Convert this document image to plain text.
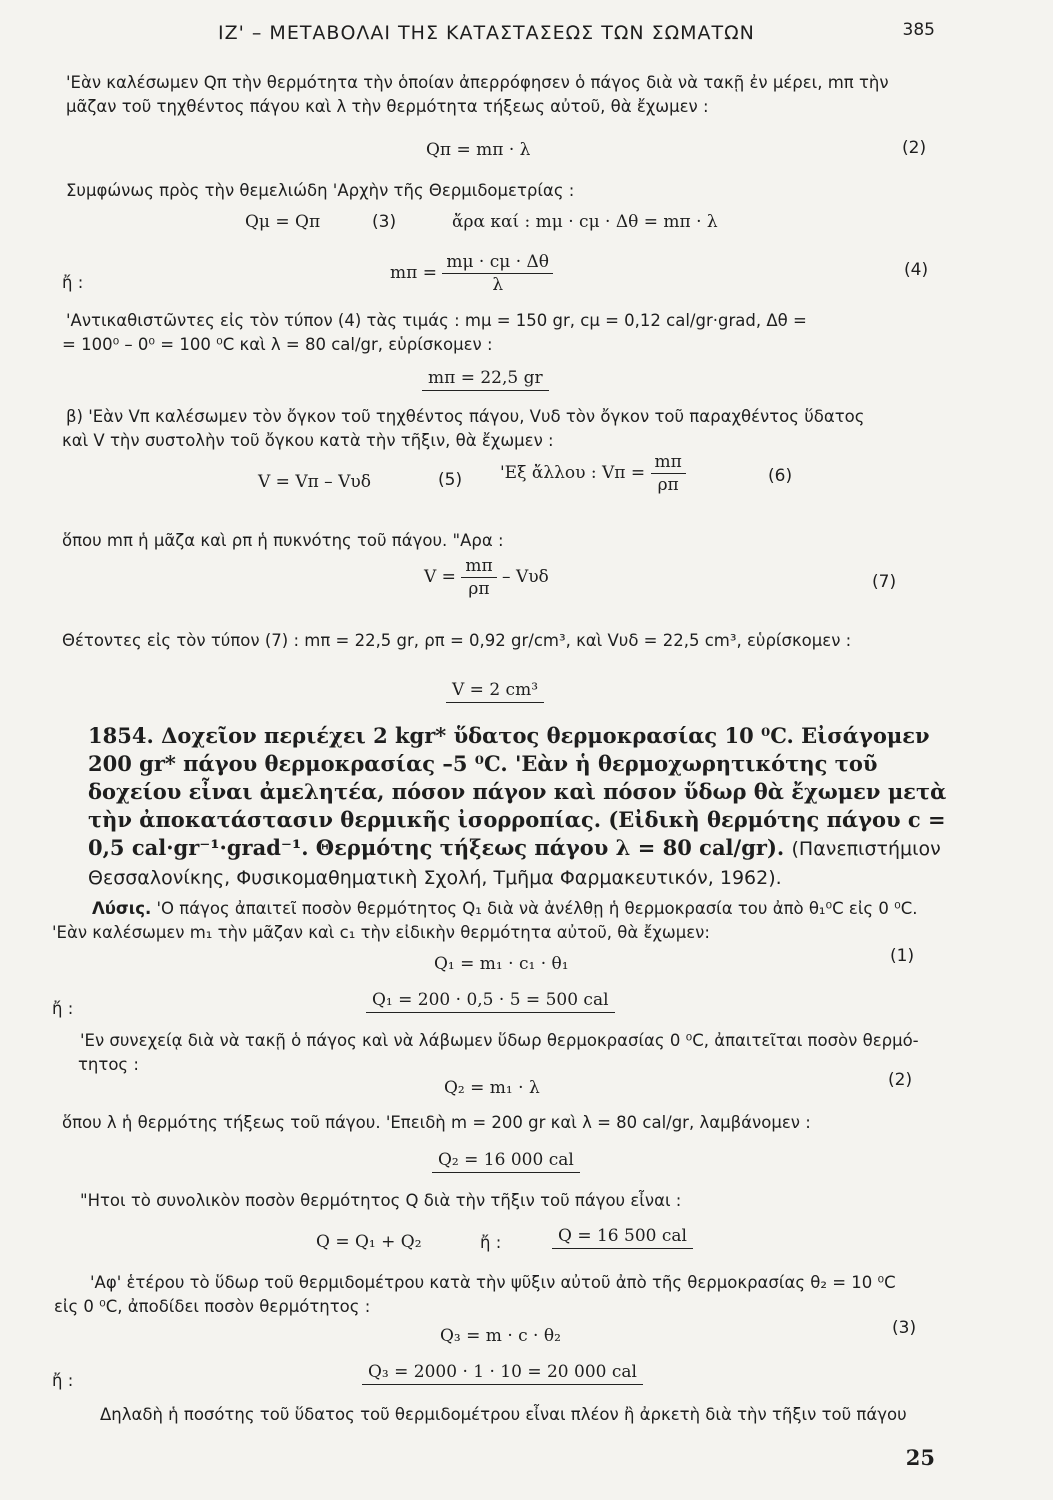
ΙΖ' – ΜΕΤΑΒΟΛΑΙ ΤΗΣ ΚΑΤΑΣΤΑΣΕΩΣ ΤΩΝ ΣΩΜΑΤΩΝ	385
'Εὰν καλέσωμεν Qπ τὴν θερμότητα τὴν ὁποίαν ἀπερρόφησεν ὁ πάγος διὰ νὰ τακῇ ἐν μέρει, mπ τὴν
μᾶζαν τοῦ τηχθέντος πάγου καὶ λ τὴν θερμότητα τήξεως αὐτοῦ, θὰ ἔχωμεν :
Qπ = mπ · λ	(2)
Συμφώνως πρὸς τὴν θεμελιώδη 'Αρχὴν τῆς Θερμιδομετρίας :
Qμ = Qπ	(3)	ἄρα καί : mμ · cμ · Δθ = mπ · λ
ἤ :	$m\pi = \frac{m\mu \cdot c\mu \cdot \Delta\theta}{\lambda}$	(4)
'Αντικαθιστῶντες εἰς τὸν τύπον (4) τὰς τιμάς : mμ = 150 gr, cμ = 0,12 cal/gr·grad, Δθ =
= 100⁰ – 0⁰ = 100 ⁰C καὶ λ = 80 cal/gr, εὑρίσκομεν :
mπ = 22,5 gr
β) 'Εὰν Vπ καλέσωμεν τὸν ὄγκον τοῦ τηχθέντος πάγου, Vυδ τὸν ὄγκον τοῦ παραχθέντος ὕδατος
καὶ V τὴν συστολὴν τοῦ ὄγκου κατὰ τὴν τῆξιν, θὰ ἔχωμεν :
V = Vπ – Vυδ	(5) 'Εξ ἄλλου : $V\pi = \frac{m\pi}{\rho\pi}$	(6)
ὅπου mπ ἡ μᾶζα καὶ ρπ ἡ πυκνότης τοῦ πάγου. "Αρα :
$V = \frac{m\pi}{\rho\pi} - V\upsilon\delta$	(7)
Θέτοντες εἰς τὸν τύπον (7) : mπ = 22,5 gr, ρπ = 0,92 gr/cm³, καὶ Vυδ = 22,5 cm³, εὑρίσκομεν :
V = 2 cm³
1854. Δοχεῖον περιέχει 2 kgr* ὕδατος θερμοκρασίας 10 ⁰C. Εἰσάγομεν 200 gr* πάγου θερμοκρασίας –5 ⁰C. 'Εὰν ἡ θερμοχωρητικότης τοῦ δοχείου εἶναι ἀμελητέα, πόσον πάγον καὶ πόσον ὕδωρ θὰ ἔχωμεν μετὰ τὴν ἀποκατάστασιν θερμικῆς ἰσορροπίας. (Εἰδικὴ θερμότης πάγου c = 0,5 cal·gr⁻¹·grad⁻¹. Θερμότης τήξεως πάγου λ = 80 cal/gr). (Πανεπιστήμιον Θεσσαλονίκης, Φυσικομαθηματικὴ Σχολή, Τμῆμα Φαρμακευτικόν, 1962).
Λύσις. 'Ο πάγος ἀπαιτεῖ ποσὸν θερμότητος Q₁ διὰ νὰ ἀνέλθῃ ἡ θερμοκρασία του ἀπὸ θ₁⁰C εἰς 0 ⁰C.
'Εὰν καλέσωμεν m₁ τὴν μᾶζαν καὶ c₁ τὴν εἰδικὴν θερμότητα αὐτοῦ, θὰ ἔχωμεν:
Q₁ = m₁ · c₁ · θ₁	(1)
ἤ :	Q₁ = 200 · 0,5 · 5 = 500 cal
'Εν συνεχείᾳ διὰ νὰ τακῇ ὁ πάγος καὶ νὰ λάβωμεν ὕδωρ θερμοκρασίας 0 ⁰C, ἀπαιτεῖται ποσὸν θερμό-
τητος :
Q₂ = m₁ · λ	(2)
ὅπου λ ἡ θερμότης τήξεως τοῦ πάγου. 'Επειδὴ m = 200 gr καὶ λ = 80 cal/gr, λαμβάνομεν :
Q₂ = 16 000 cal
"Ητοι τὸ συνολικὸν ποσὸν θερμότητος Q διὰ τὴν τῆξιν τοῦ πάγου εἶναι :
Q = Q₁ + Q₂	ἤ :	Q = 16 500 cal
'Αφ' ἑτέρου τὸ ὕδωρ τοῦ θερμιδομέτρου κατὰ τὴν ψῦξιν αὐτοῦ ἀπὸ τῆς θερμοκρασίας θ₂ = 10 ⁰C
εἰς 0 ⁰C, ἀποδίδει ποσὸν θερμότητος :
Q₃ = m · c · θ₂	(3)
ἤ :	Q₃ = 2000 · 1 · 10 = 20 000 cal
Δηλαδὴ ἡ ποσότης τοῦ ὕδατος τοῦ θερμιδομέτρου εἶναι πλέον ἢ ἀρκετὴ διὰ τὴν τῆξιν τοῦ πάγου
25
